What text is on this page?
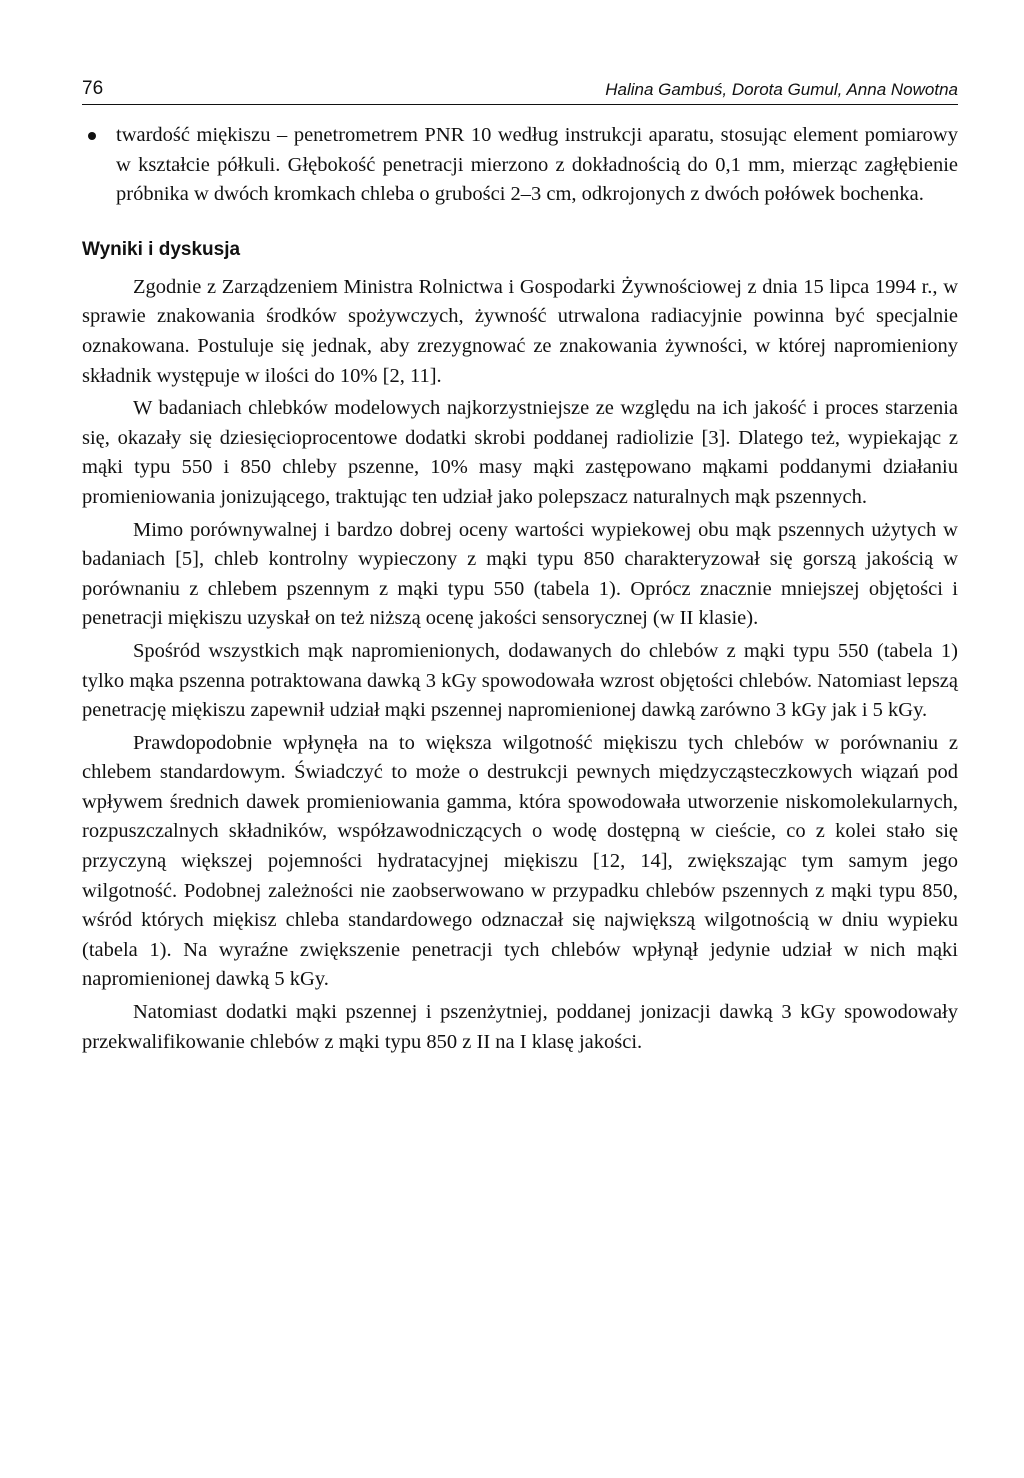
76	Halina Gambuś, Dorota Gumul, Anna Nowotna
twardość miękiszu – penetrometrem PNR 10 według instrukcji aparatu, stosując element pomiarowy w kształcie półkuli. Głębokość penetracji mierzono z dokładnością do 0,1 mm, mierząc zagłębienie próbnika w dwóch kromkach chleba o grubości 2–3 cm, odkrojonych z dwóch połówek bochenka.
Wyniki i dyskusja

Zgodnie z Zarządzeniem Ministra Rolnictwa i Gospodarki Żywnościowej z dnia 15 lipca 1994 r., w sprawie znakowania środków spożywczych, żywność utrwalona radiacyjnie powinna być specjalnie oznakowana. Postuluje się jednak, aby zrezygnować ze znakowania żywności, w której napromieniony składnik występuje w ilości do 10% [2, 11].

W badaniach chlebków modelowych najkorzystniejsze ze względu na ich jakość i proces starzenia się, okazały się dziesięcioprocentowe dodatki skrobi poddanej radiolizie [3]. Dlatego też, wypiekając z mąki typu 550 i 850 chleby pszenne, 10% masy mąki zastępowano mąkami poddanymi działaniu promieniowania jonizującego, traktując ten udział jako polepszacz naturalnych mąk pszennych.

Mimo porównywalnej i bardzo dobrej oceny wartości wypiekowej obu mąk pszennych użytych w badaniach [5], chleb kontrolny wypieczony z mąki typu 850 charakteryzował się gorszą jakością w porównaniu z chlebem pszennym z mąki typu 550 (tabela 1). Oprócz znacznie mniejszej objętości i penetracji miękiszu uzyskał on też niższą ocenę jakości sensorycznej (w II klasie).

Spośród wszystkich mąk napromienionych, dodawanych do chlebów z mąki typu 550 (tabela 1) tylko mąka pszenna potraktowana dawką 3 kGy spowodowała wzrost objętości chlebów. Natomiast lepszą penetrację miękiszu zapewnił udział mąki pszennej napromienionej dawką zarówno 3 kGy jak i 5 kGy.

Prawdopodobnie wpłynęła na to większa wilgotność miękiszu tych chlebów w porównaniu z chlebem standardowym. Świadczyć to może o destrukcji pewnych międzycząsteczkowych wiązań pod wpływem średnich dawek promieniowania gamma, która spowodowała utworzenie niskomolekularnych, rozpuszczalnych składników, współzawodniczących o wodę dostępną w cieście, co z kolei stało się przyczyną większej pojemności hydratacyjnej miękiszu [12, 14], zwiększając tym samym jego wilgotność. Podobnej zależności nie zaobserwowano w przypadku chlebów pszennych z mąki typu 850, wśród których miękisz chleba standardowego odznaczał się największą wilgotnością w dniu wypieku (tabela 1). Na wyraźne zwiększenie penetracji tych chlebów wpłynął jedynie udział w nich mąki napromienionej dawką 5 kGy.

Natomiast dodatki mąki pszennej i pszenżytniej, poddanej jonizacji dawką 3 kGy spowodowały przekwalifikowanie chlebów z mąki typu 850 z II na I klasę jakości.
